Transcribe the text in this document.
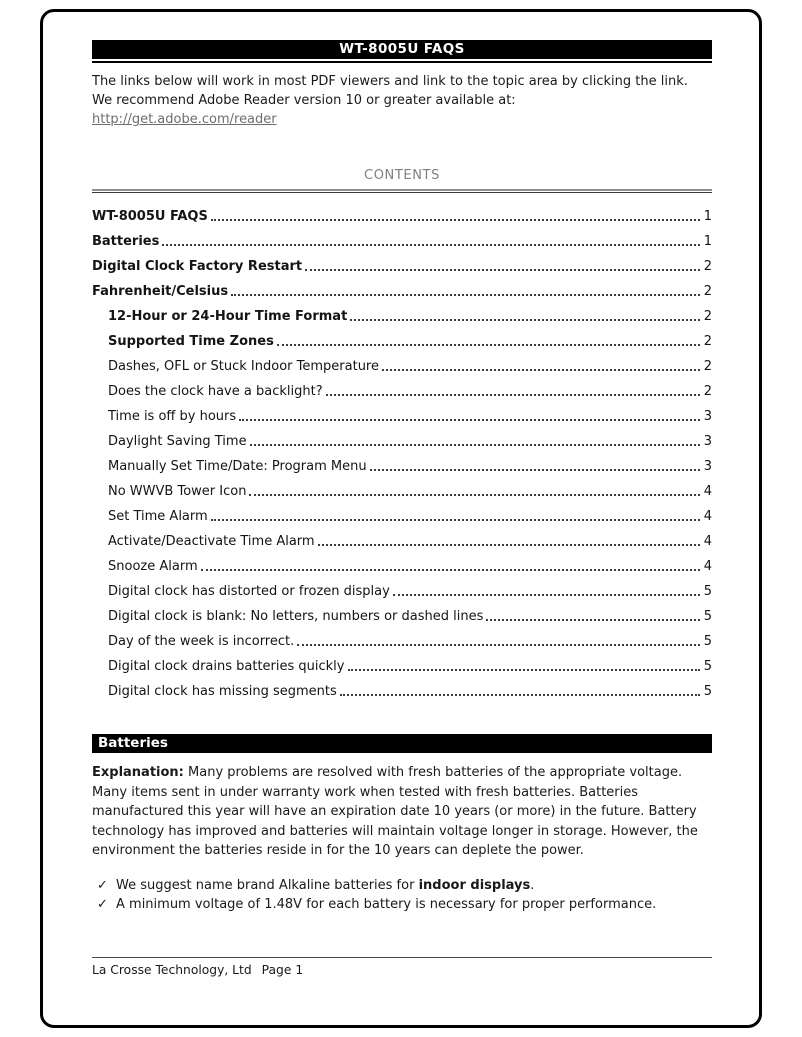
WT-8005U FAQS

The links below will work in most PDF viewers and link to the topic area by clicking the link. We recommend Adobe Reader version 10 or greater available at:
http://get.adobe.com/reader

CONTENTS
WT-8005U FAQS	1
Batteries	1
Digital Clock Factory Restart	2
Fahrenheit/Celsius	2
12-Hour or 24-Hour Time Format	2
Supported Time Zones	2
Dashes, OFL or Stuck Indoor Temperature	2
Does the clock have a backlight?	2
Time is off by hours	3
Daylight Saving Time	3
Manually Set Time/Date: Program Menu	3
No WWVB Tower Icon	4
Set Time Alarm	4
Activate/Deactivate Time Alarm	4
Snooze Alarm	4
Digital clock has distorted or frozen display	5
Digital clock is blank: No letters, numbers or dashed lines	5
Day of the week is incorrect.	5
Digital clock drains batteries quickly	5
Digital clock has missing segments	5
Batteries

Explanation: Many problems are resolved with fresh batteries of the appropriate voltage. Many items sent in under warranty work when tested with fresh batteries. Batteries manufactured this year will have an expiration date 10 years (or more) in the future. Battery technology has improved and batteries will maintain voltage longer in storage. However, the environment the batteries reside in for the 10 years can deplete the power.

✓ We suggest name brand Alkaline batteries for indoor displays.
✓ A minimum voltage of 1.48V for each battery is necessary for proper performance.
La Crosse Technology, Ltd Page 1
